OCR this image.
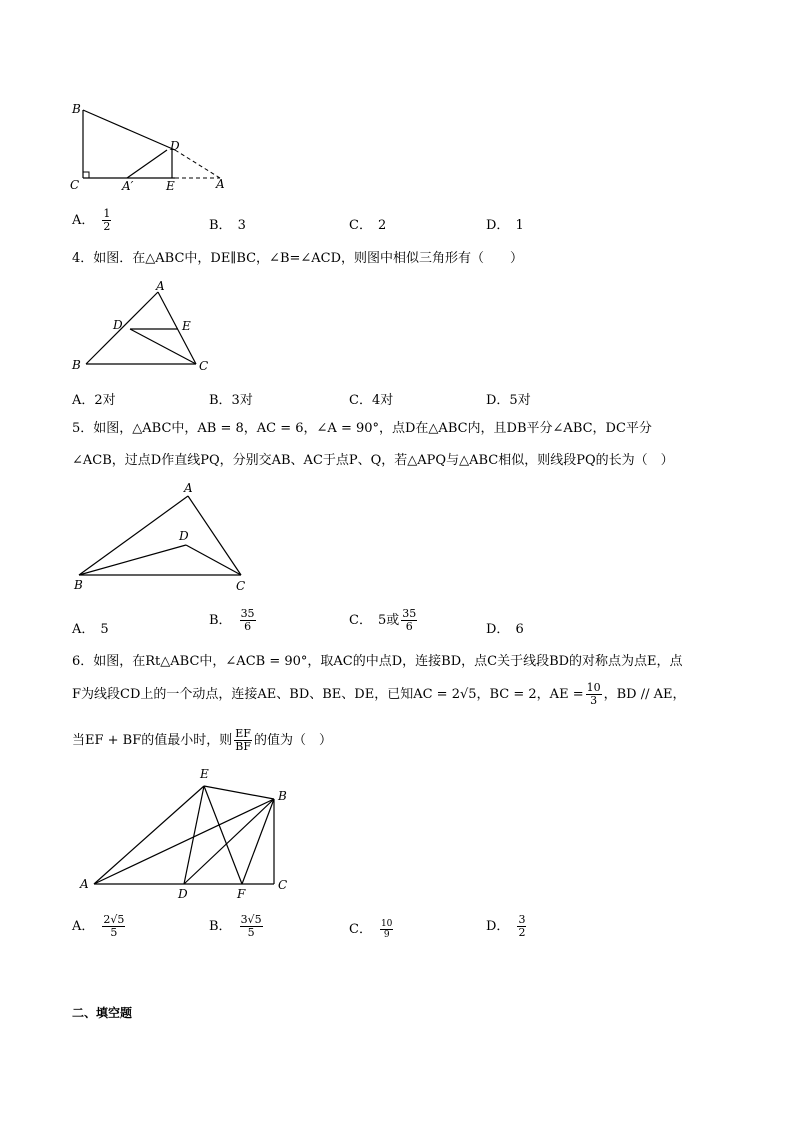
B
C	A′	E	A
D
A． $\frac{1}{2}$	B． 3	C． 2	D． 1
4．如图．在△ABC中，DE∥BC，∠B=∠ACD，则图中相似三角形有（　　）
A
D	E
B	C
A．2对	B．3对	C．4对	D．5对
5．如图，△ABC中，AB = 8，AC = 6，∠A = 90°，点D在△ABC内，且DB平分∠ABC，DC平分
∠ACB，过点D作直线PQ，分别交AB、AC于点P、Q，若△APQ与△ABC相似，则线段PQ的长为（　）
A
D
B	C
A． 5
B． $\frac{35}{6}$	C． 5或 $\frac{35}{6}$	D． 6
6．如图，在Rt△ABC中，∠ACB = 90°，取AC的中点D，连接BD，点C关于线段BD的对称点为点E，点
F为线段CD上的一个动点，连接AE、BD、BE、DE，已知AC = 2√5，BC = 2，AE = $\frac{10}{3}$ ，BD // AE，
当EF + BF的值最小时，则 $\frac{EF}{BF}$ 的值为（　）
E
B
A
D	F
C
A． $\frac{2√5}{5}$	B． $\frac{3√5}{5}$	C． $\frac{10}{9}$	D． $\frac{3}{2}$
二、填空题
